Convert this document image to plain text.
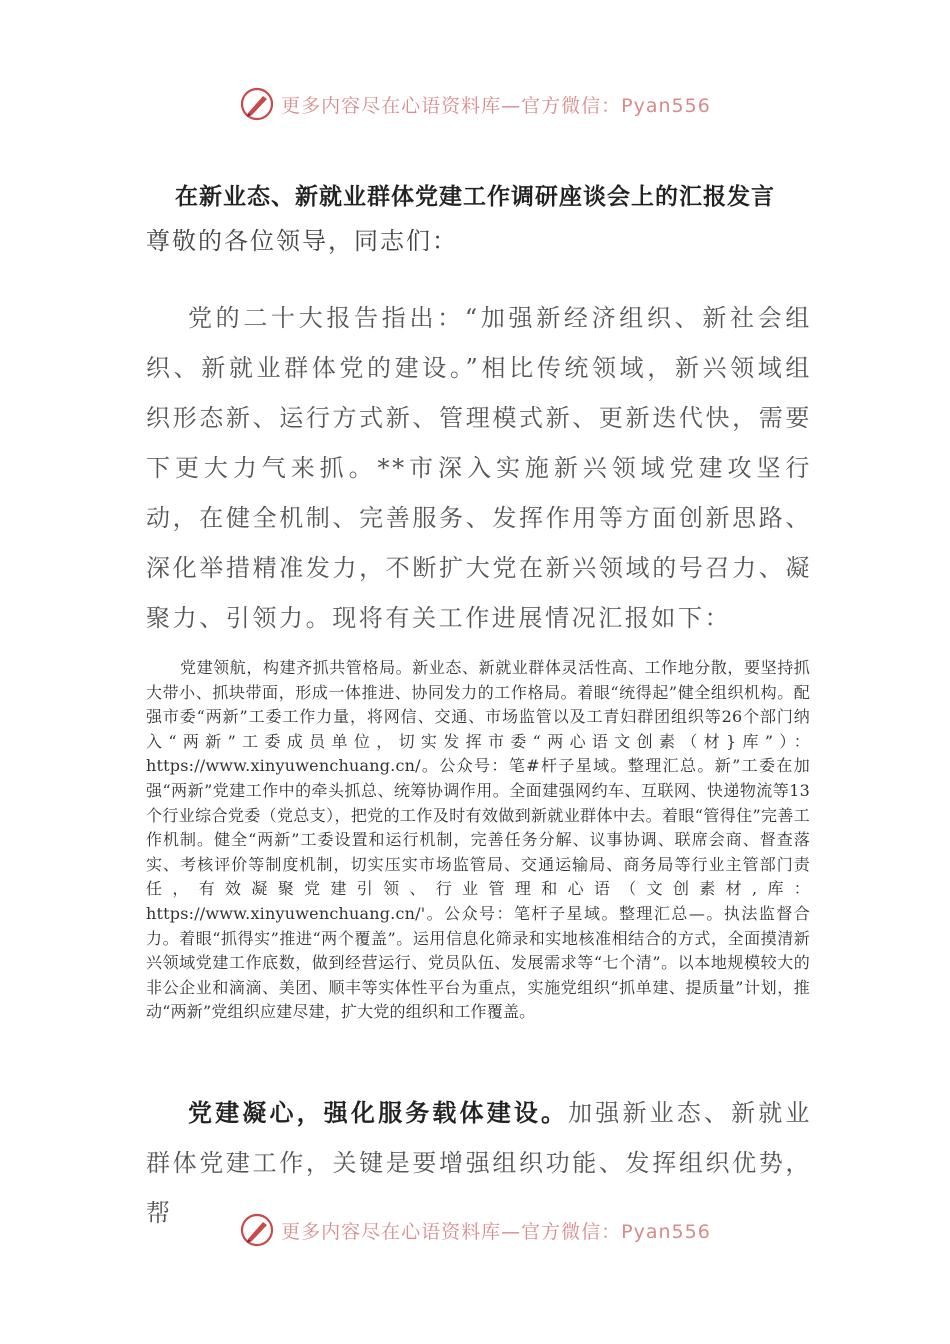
更多内容尽在心语资料库—官方微信：Pyan556
在新业态、新就业群体党建工作调研座谈会上的汇报发言
尊敬的各位领导，同志们：
党的二十大报告指出：“加强新经济组织、新社会组织、新就业群体党的建设。”相比传统领域，新兴领域组织形态新、运行方式新、管理模式新、更新迭代快，需要下更大力气来抓。**市深入实施新兴领域党建攻坚行动，在健全机制、完善服务、发挥作用等方面创新思路、深化举措精准发力，不断扩大党在新兴领域的号召力、凝聚力、引领力。现将有关工作进展情况汇报如下：
党建领航，构建齐抓共管格局。新业态、新就业群体灵活性高、工作地分散，要坚持抓大带小、抓块带面，形成一体推进、协同发力的工作格局。着眼“统得起”健全组织机构。配强市委“两新”工委工作力量，将网信、交通、市场监管以及工青妇群团组织等26个部门纳入“两新”工委成员单位，切实发挥市委“两心语文创素（材}库”）：https://www.xinyuwenchuang.cn/。公众号：笔#杆子星域。整理汇总。新”工委在加强“两新”党建工作中的牵头抓总、统筹协调作用。全面建强网约车、互联网、快递物流等13个行业综合党委（党总支），把党的工作及时有效做到新就业群体中去。着眼“管得住”完善工作机制。健全“两新”工委设置和运行机制，完善任务分解、议事协调、联席会商、督查落实、考核评价等制度机制，切实压实市场监管局、交通运输局、商务局等行业主管部门责任，有效凝聚党建引领、行业管理和心语（文创素材,库：https://www.xinyuwenchuang.cn/'。公众号：笔杆子星域。整理汇总—。执法监督合力。着眼“抓得实”推进“两个覆盖”。运用信息化筛录和实地核准相结合的方式，全面摸清新兴领域党建工作底数，做到经营运行、党员队伍、发展需求等“七个清”。以本地规模较大的非公企业和滴滴、美团、顺丰等实体性平台为重点，实施党组织“抓单建、提质量”计划，推动“两新”党组织应建尽建，扩大党的组织和工作覆盖。
党建凝心，强化服务载体建设。加强新业态、新就业群体党建工作，关键是要增强组织功能、发挥组织优势，帮
更多内容尽在心语资料库—官方微信：Pyan556
